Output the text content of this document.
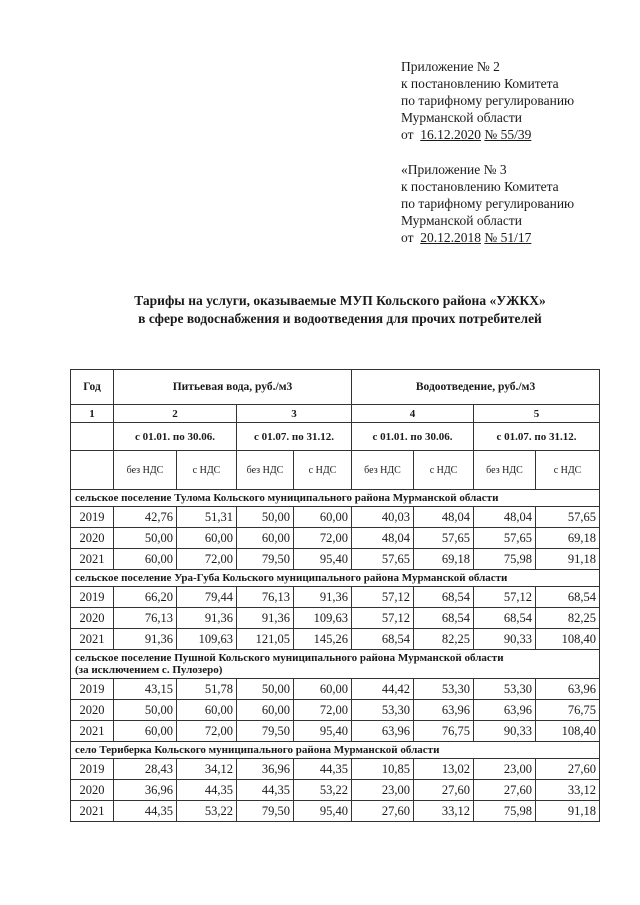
Приложение № 2
к постановлению Комитета
по тарифному регулированию
Мурманской области
от 16.12.2020 № 55/39
«Приложение № 3
к постановлению Комитета
по тарифному регулированию
Мурманской области
от 20.12.2018 № 51/17
Тарифы на услуги, оказываемые МУП Кольского района «УЖКХ»
в сфере водоснабжения и водоотведения для прочих потребителей
Год	Питьевая вода, руб./м3				Водоотведение, руб./м3			
1	2		3		4		5	
	с 01.01. по 30.06.		с 01.07. по 31.12.		с 01.01. по 30.06.		с 01.07. по 31.12.	
	без НДС	с НДС	без НДС	с НДС	без НДС	с НДС	без НДС	с НДС

сельское поселение Тулома Кольского муниципального района Мурманской области								

2019	42,76	51,31	50,00	60,00	40,03	48,04	48,04	57,65
2020	50,00	60,00	60,00	72,00	48,04	57,65	57,65	69,18
2021	60,00	72,00	79,50	95,40	57,65	69,18	75,98	91,18

сельское поселение Ура-Губа Кольского муниципального района Мурманской области								

2019	66,20	79,44	76,13	91,36	57,12	68,54	57,12	68,54
2020	76,13	91,36	91,36	109,63	57,12	68,54	68,54	82,25
2021	91,36	109,63	121,05	145,26	68,54	82,25	90,33	108,40

сельское поселение Пушной Кольского муниципального района Мурманской области
(за исключением с. Пулозеро)								

2019	43,15	51,78	50,00	60,00	44,42	53,30	53,30	63,96
2020	50,00	60,00	60,00	72,00	53,30	63,96	63,96	76,75
2021	60,00	72,00	79,50	95,40	63,96	76,75	90,33	108,40

село Териберка Кольского муниципального района Мурманской области								

2019	28,43	34,12	36,96	44,35	10,85	13,02	23,00	27,60
2020	36,96	44,35	44,35	53,22	23,00	27,60	27,60	33,12
2021	44,35	53,22	79,50	95,40	27,60	33,12	75,98	91,18
